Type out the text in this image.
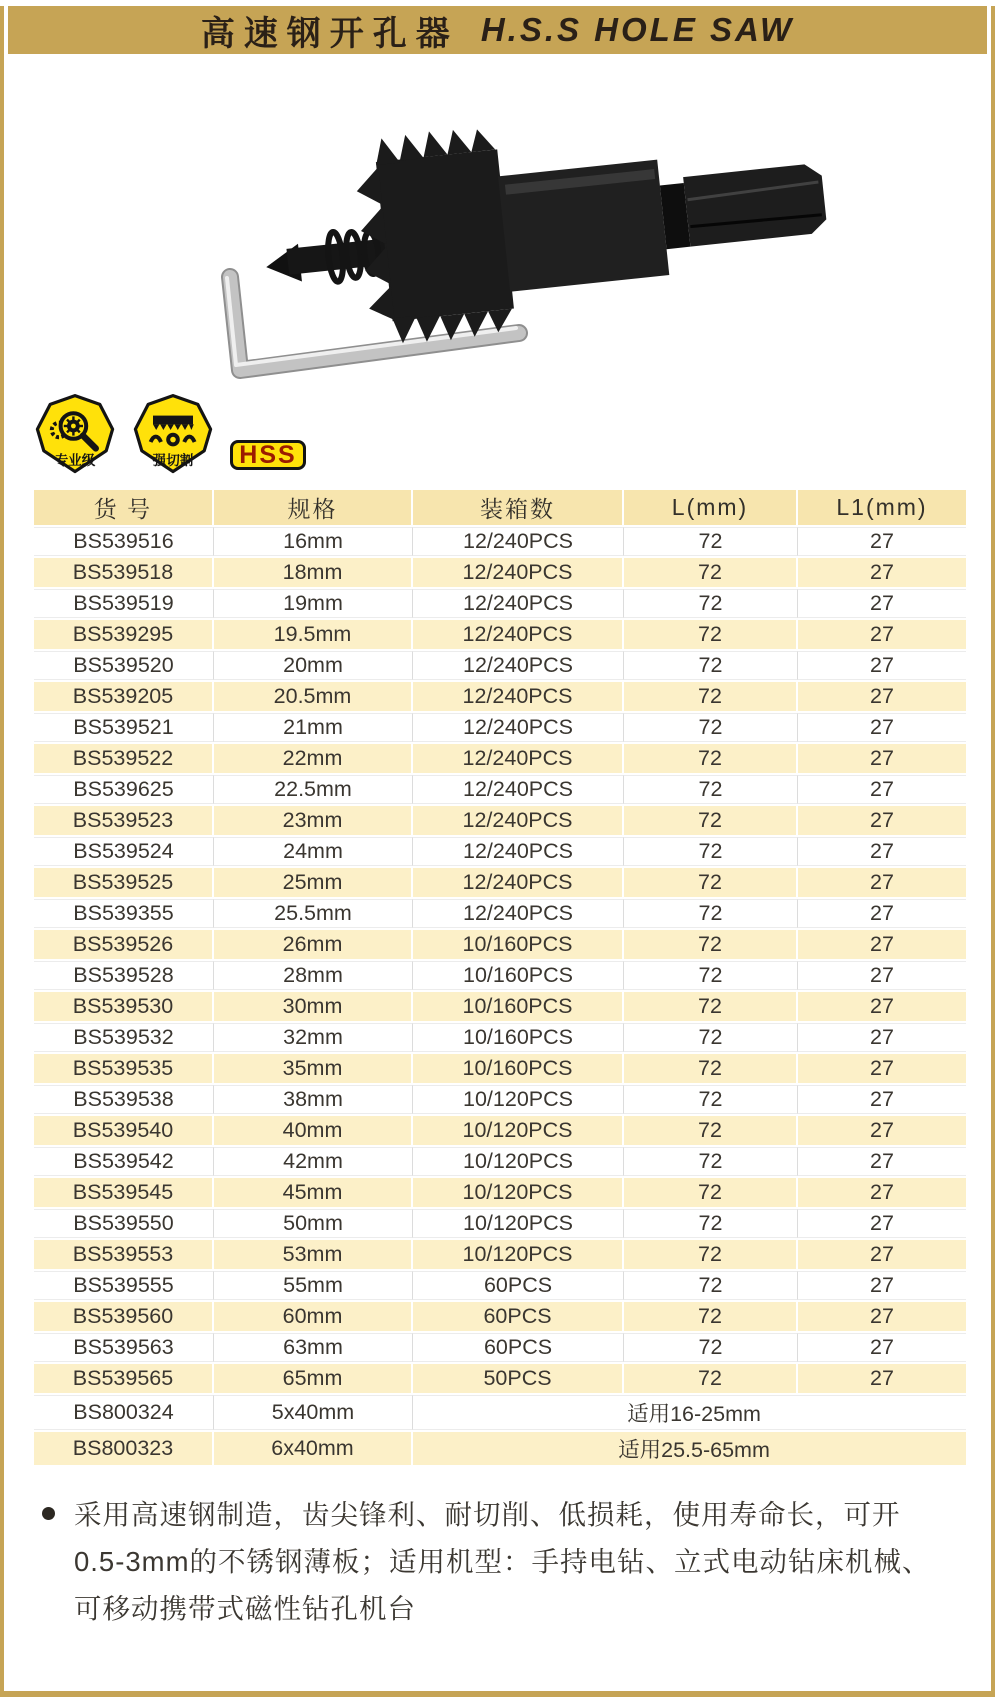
高速钢开孔器 H.S.S HOLE SAW
专业级	强切割 HSS
货 号	规格	装箱数	L(mm)	L1(mm)
BS539516	16mm	12/240PCS	72	27
BS539518	18mm	12/240PCS	72	27
BS539519	19mm	12/240PCS	72	27
BS539295	19.5mm	12/240PCS	72	27
BS539520	20mm	12/240PCS	72	27
BS539205	20.5mm	12/240PCS	72	27
BS539521	21mm	12/240PCS	72	27
BS539522	22mm	12/240PCS	72	27
BS539625	22.5mm	12/240PCS	72	27
BS539523	23mm	12/240PCS	72	27
BS539524	24mm	12/240PCS	72	27
BS539525	25mm	12/240PCS	72	27
BS539355	25.5mm	12/240PCS	72	27
BS539526	26mm	10/160PCS	72	27
BS539528	28mm	10/160PCS	72	27
BS539530	30mm	10/160PCS	72	27
BS539532	32mm	10/160PCS	72	27
BS539535	35mm	10/160PCS	72	27
BS539538	38mm	10/120PCS	72	27
BS539540	40mm	10/120PCS	72	27
BS539542	42mm	10/120PCS	72	27
BS539545	45mm	10/120PCS	72	27
BS539550	50mm	10/120PCS	72	27
BS539553	53mm	10/120PCS	72	27
BS539555	55mm	60PCS	72	27
BS539560	60mm	60PCS	72	27
BS539563	63mm	60PCS	72	27
BS539565	65mm	50PCS	72	27
BS800324	5x40mm	适用16-25mm		
BS800323	6x40mm	适用25.5-65mm		
采用高速钢制造，齿尖锋利、耐切削、低损耗，使用寿命长，可开
0.5-3mm的不锈钢薄板；适用机型：手持电钻、立式电动钻床机械、
可移动携带式磁性钻孔机台
